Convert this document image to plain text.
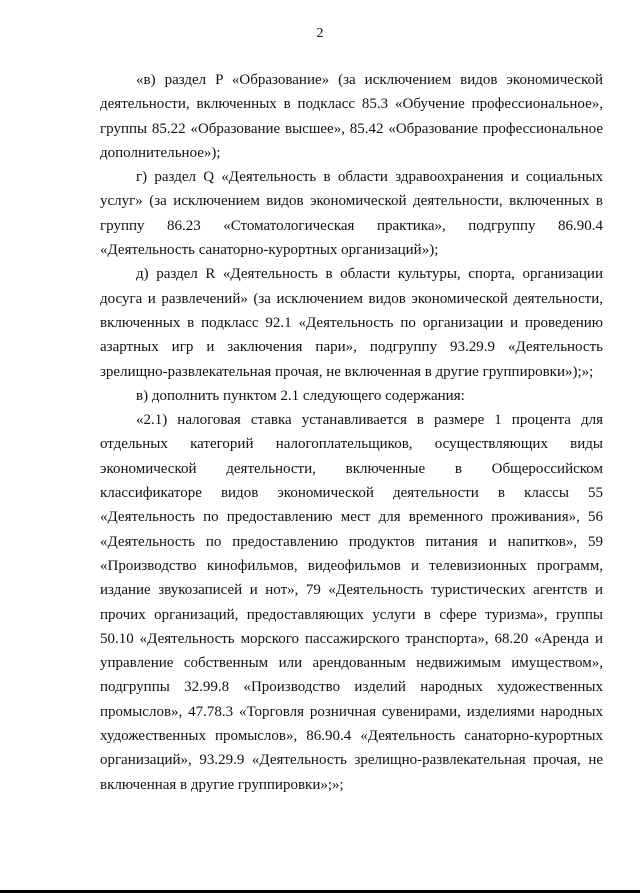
2

«в) раздел P «Образование» (за исключением видов экономической деятельности, включенных в подкласс 85.3 «Обучение профессиональное», группы 85.22 «Образование высшее», 85.42 «Образование профессиональное дополнительное»);

г) раздел Q «Деятельность в области здравоохранения и социальных услуг» (за исключением видов экономической деятельности, включенных в группу 86.23 «Стоматологическая практика», подгруппу 86.90.4 «Деятельность санаторно-курортных организаций»);

д) раздел R «Деятельность в области культуры, спорта, организации досуга и развлечений» (за исключением видов экономической деятельности, включенных в подкласс 92.1 «Деятельность по организации и проведению азартных игр и заключения пари», подгруппу 93.29.9 «Деятельность зрелищно-развлекательная прочая, не включенная в другие группировки»);»;

в) дополнить пунктом 2.1 следующего содержания:

«2.1) налоговая ставка устанавливается в размере 1 процента для отдельных категорий налогоплательщиков, осуществляющих виды экономической деятельности, включенные в Общероссийском классификаторе видов экономической деятельности в классы 55 «Деятельность по предоставлению мест для временного проживания», 56 «Деятельность по предоставлению продуктов питания и напитков», 59 «Производство кинофильмов, видеофильмов и телевизионных программ, издание звукозаписей и нот», 79 «Деятельность туристических агентств и прочих организаций, предоставляющих услуги в сфере туризма», группы 50.10 «Деятельность морского пассажирского транспорта», 68.20 «Аренда и управление собственным или арендованным недвижимым имуществом», подгруппы 32.99.8 «Производство изделий народных художественных промыслов», 47.78.3 «Торговля розничная сувенирами, изделиями народных художественных промыслов», 86.90.4 «Деятельность санаторно-курортных организаций», 93.29.9 «Деятельность зрелищно-развлекательная прочая, не включенная в другие группировки»;»;
